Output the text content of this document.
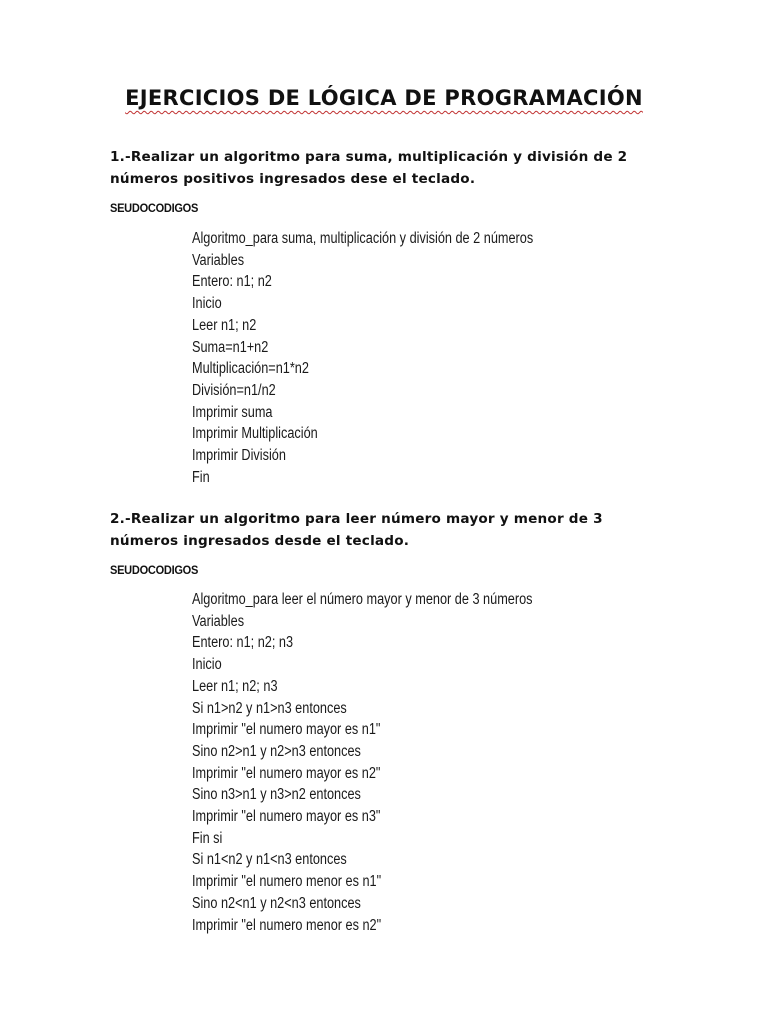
EJERCICIOS DE LÓGICA DE PROGRAMACIÓN
1.-Realizar un algoritmo para suma, multiplicación y división de 2 números positivos ingresados dese el teclado.
SEUDOCODIGOS
Algoritmo_para suma, multiplicación y división de 2 números
Variables
Entero: n1; n2
Inicio
Leer n1; n2
Suma=n1+n2
Multiplicación=n1*n2
División=n1/n2
Imprimir suma
Imprimir Multiplicación
Imprimir División
Fin
2.-Realizar un algoritmo para leer número mayor y menor de 3 números ingresados desde el teclado.
SEUDOCODIGOS
Algoritmo_para leer el número mayor y menor de 3 números
Variables
Entero: n1; n2; n3
Inicio
Leer n1; n2; n3
Si n1>n2 y n1>n3 entonces
Imprimir "el numero mayor es n1"
Sino n2>n1 y n2>n3 entonces
Imprimir "el numero mayor es n2"
Sino n3>n1 y n3>n2 entonces
Imprimir "el numero mayor es n3"
Fin si
Si n1<n2 y n1<n3 entonces
Imprimir "el numero menor es n1"
Sino n2<n1 y n2<n3 entonces
Imprimir "el numero menor es n2"
